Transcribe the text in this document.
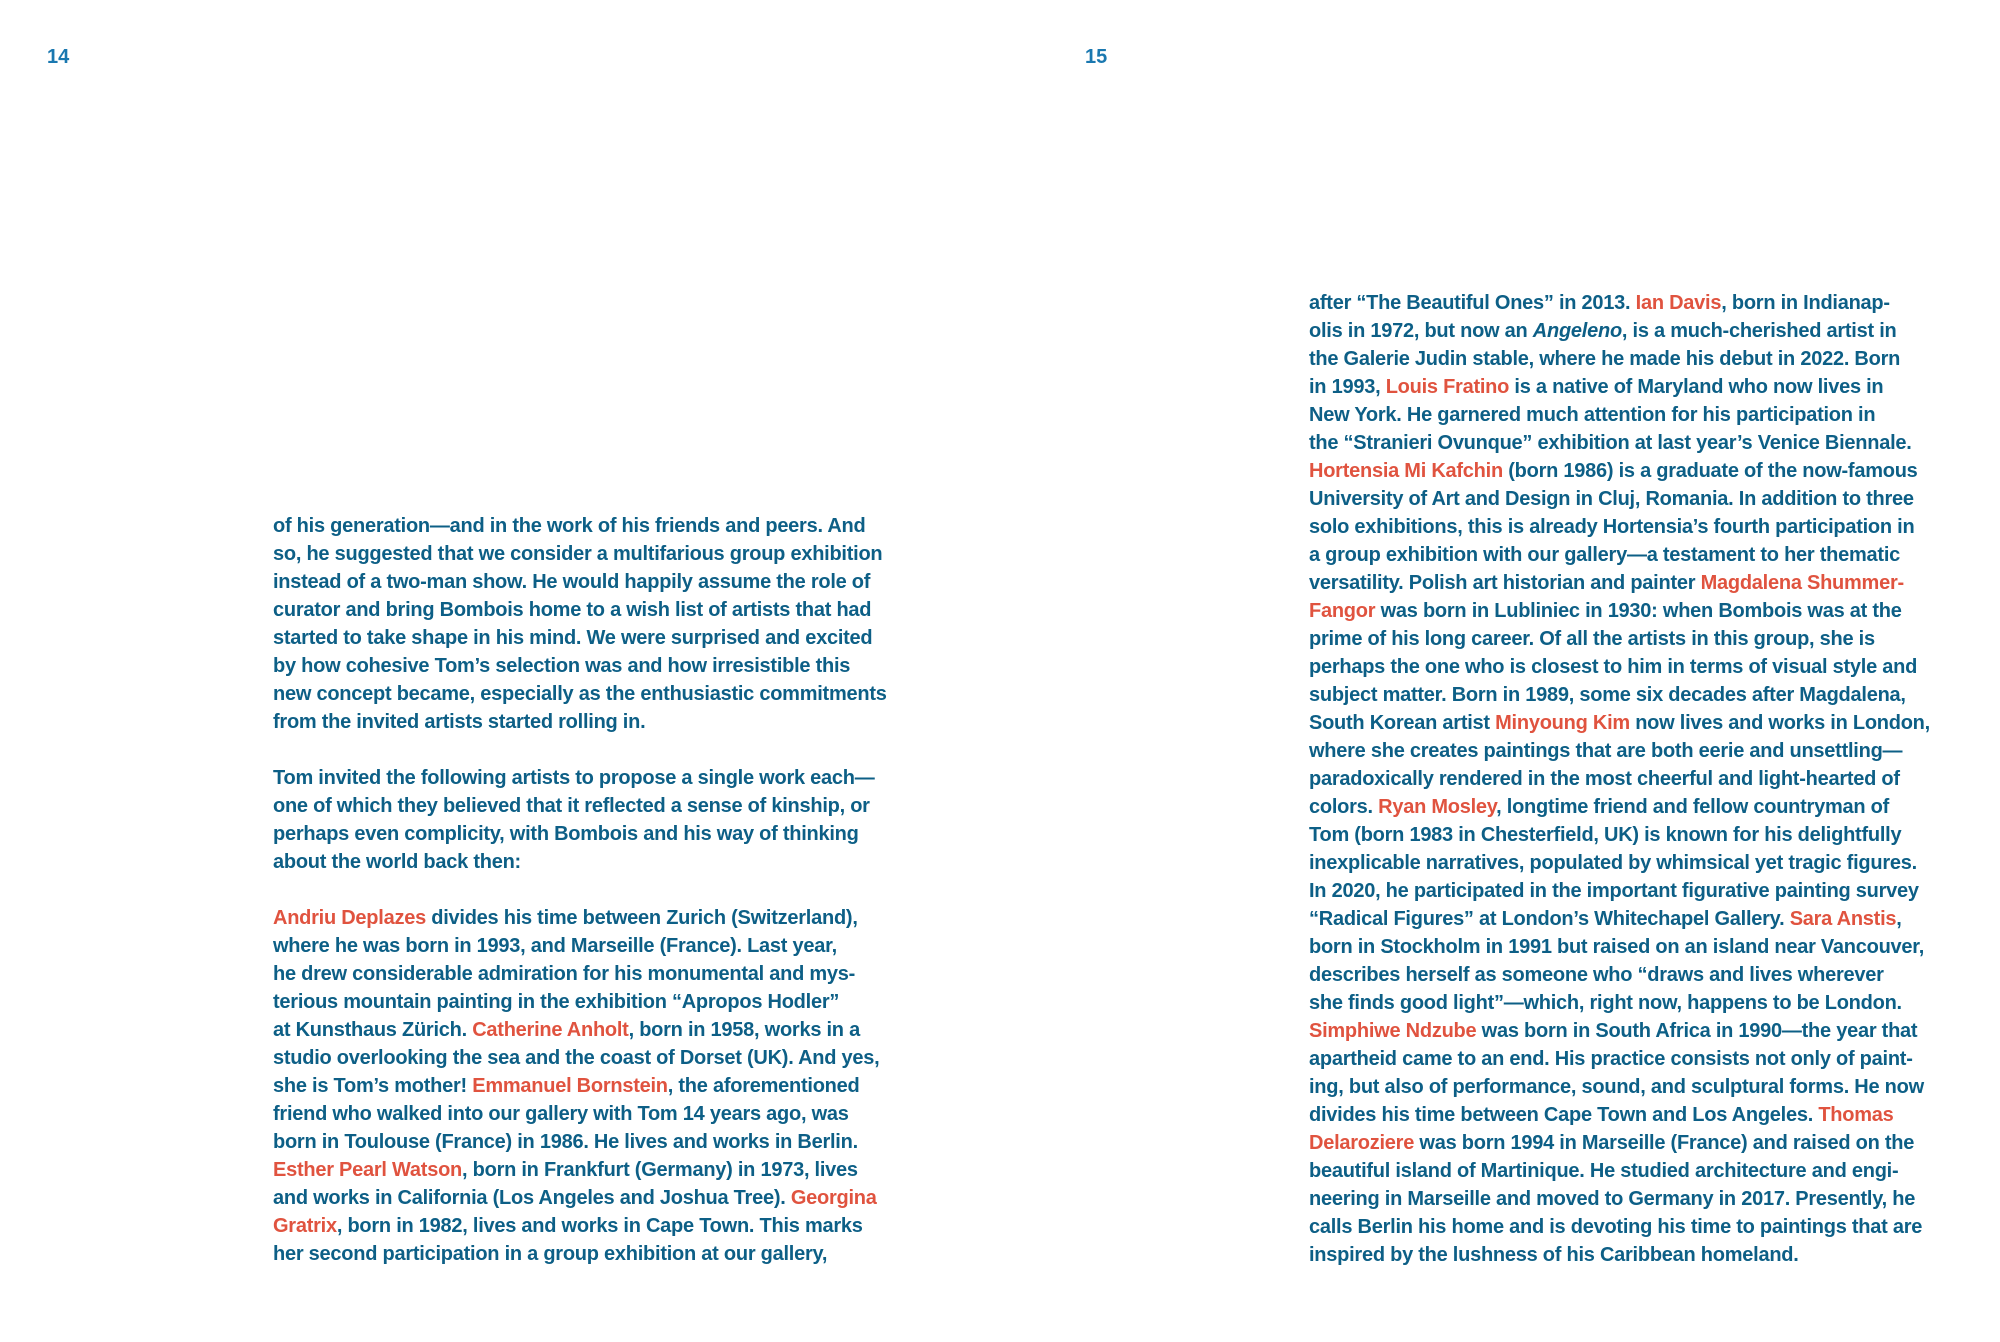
14	15

of his generation—and in the work of his friends and peers. And
so, he suggested that we consider a multifarious group exhibition
instead of a two-man show. He would happily assume the role of
curator and bring Bombois home to a wish list of artists that had
started to take shape in his mind. We were surprised and excited
by how cohesive Tom’s selection was and how irresistible this
new concept became, especially as the enthusiastic commitments
from the invited artists started rolling in.

Tom invited the following artists to propose a single work each—
one of which they believed that it reflected a sense of kinship, or
perhaps even complicity, with Bombois and his way of thinking
about the world back then:

Andriu Deplazes divides his time between Zurich (Switzerland),
where he was born in 1993, and Marseille (France). Last year,
he drew considerable admiration for his monumental and mys-
terious mountain painting in the exhibition “Apropos Hodler”
at Kunsthaus Zürich. Catherine Anholt, born in 1958, works in a
studio overlooking the sea and the coast of Dorset (UK). And yes,
she is Tom’s mother! Emmanuel Bornstein, the aforementioned
friend who walked into our gallery with Tom 14 years ago, was
born in Toulouse (France) in 1986. He lives and works in Berlin.
Esther Pearl Watson, born in Frankfurt (Germany) in 1973, lives
and works in California (Los Angeles and Joshua Tree). Georgina
Gratrix, born in 1982, lives and works in Cape Town. This marks
her second participation in a group exhibition at our gallery,

after “The Beautiful Ones” in 2013. Ian Davis, born in Indianap-
olis in 1972, but now an Angeleno, is a much-cherished artist in
the Galerie Judin stable, where he made his debut in 2022. Born
in 1993, Louis Fratino is a native of Maryland who now lives in
New York. He garnered much attention for his participation in
the “Stranieri Ovunque” exhibition at last year’s Venice Biennale.
Hortensia Mi Kafchin (born 1986) is a graduate of the now-famous
University of Art and Design in Cluj, Romania. In addition to three
solo exhibitions, this is already Hortensia’s fourth participation in
a group exhibition with our gallery—a testament to her thematic
versatility. Polish art historian and painter Magdalena Shummer-
Fangor was born in Lubliniec in 1930: when Bombois was at the
prime of his long career. Of all the artists in this group, she is
perhaps the one who is closest to him in terms of visual style and
subject matter. Born in 1989, some six decades after Magdalena,
South Korean artist Minyoung Kim now lives and works in London,
where she creates paintings that are both eerie and unsettling—
paradoxically rendered in the most cheerful and light-hearted of
colors. Ryan Mosley, longtime friend and fellow countryman of
Tom (born 1983 in Chesterfield, UK) is known for his delightfully
inexplicable narratives, populated by whimsical yet tragic figures.
In 2020, he participated in the important figurative painting survey
“Radical Figures” at London’s Whitechapel Gallery. Sara Anstis,
born in Stockholm in 1991 but raised on an island near Vancouver,
describes herself as someone who “draws and lives wherever
she finds good light”—which, right now, happens to be London.
Simphiwe Ndzube was born in South Africa in 1990—the year that
apartheid came to an end. His practice consists not only of paint-
ing, but also of performance, sound, and sculptural forms. He now
divides his time between Cape Town and Los Angeles. Thomas
Delaroziere was born 1994 in Marseille (France) and raised on the
beautiful island of Martinique. He studied architecture and engi-
neering in Marseille and moved to Germany in 2017. Presently, he
calls Berlin his home and is devoting his time to paintings that are
inspired by the lushness of his Caribbean homeland.
